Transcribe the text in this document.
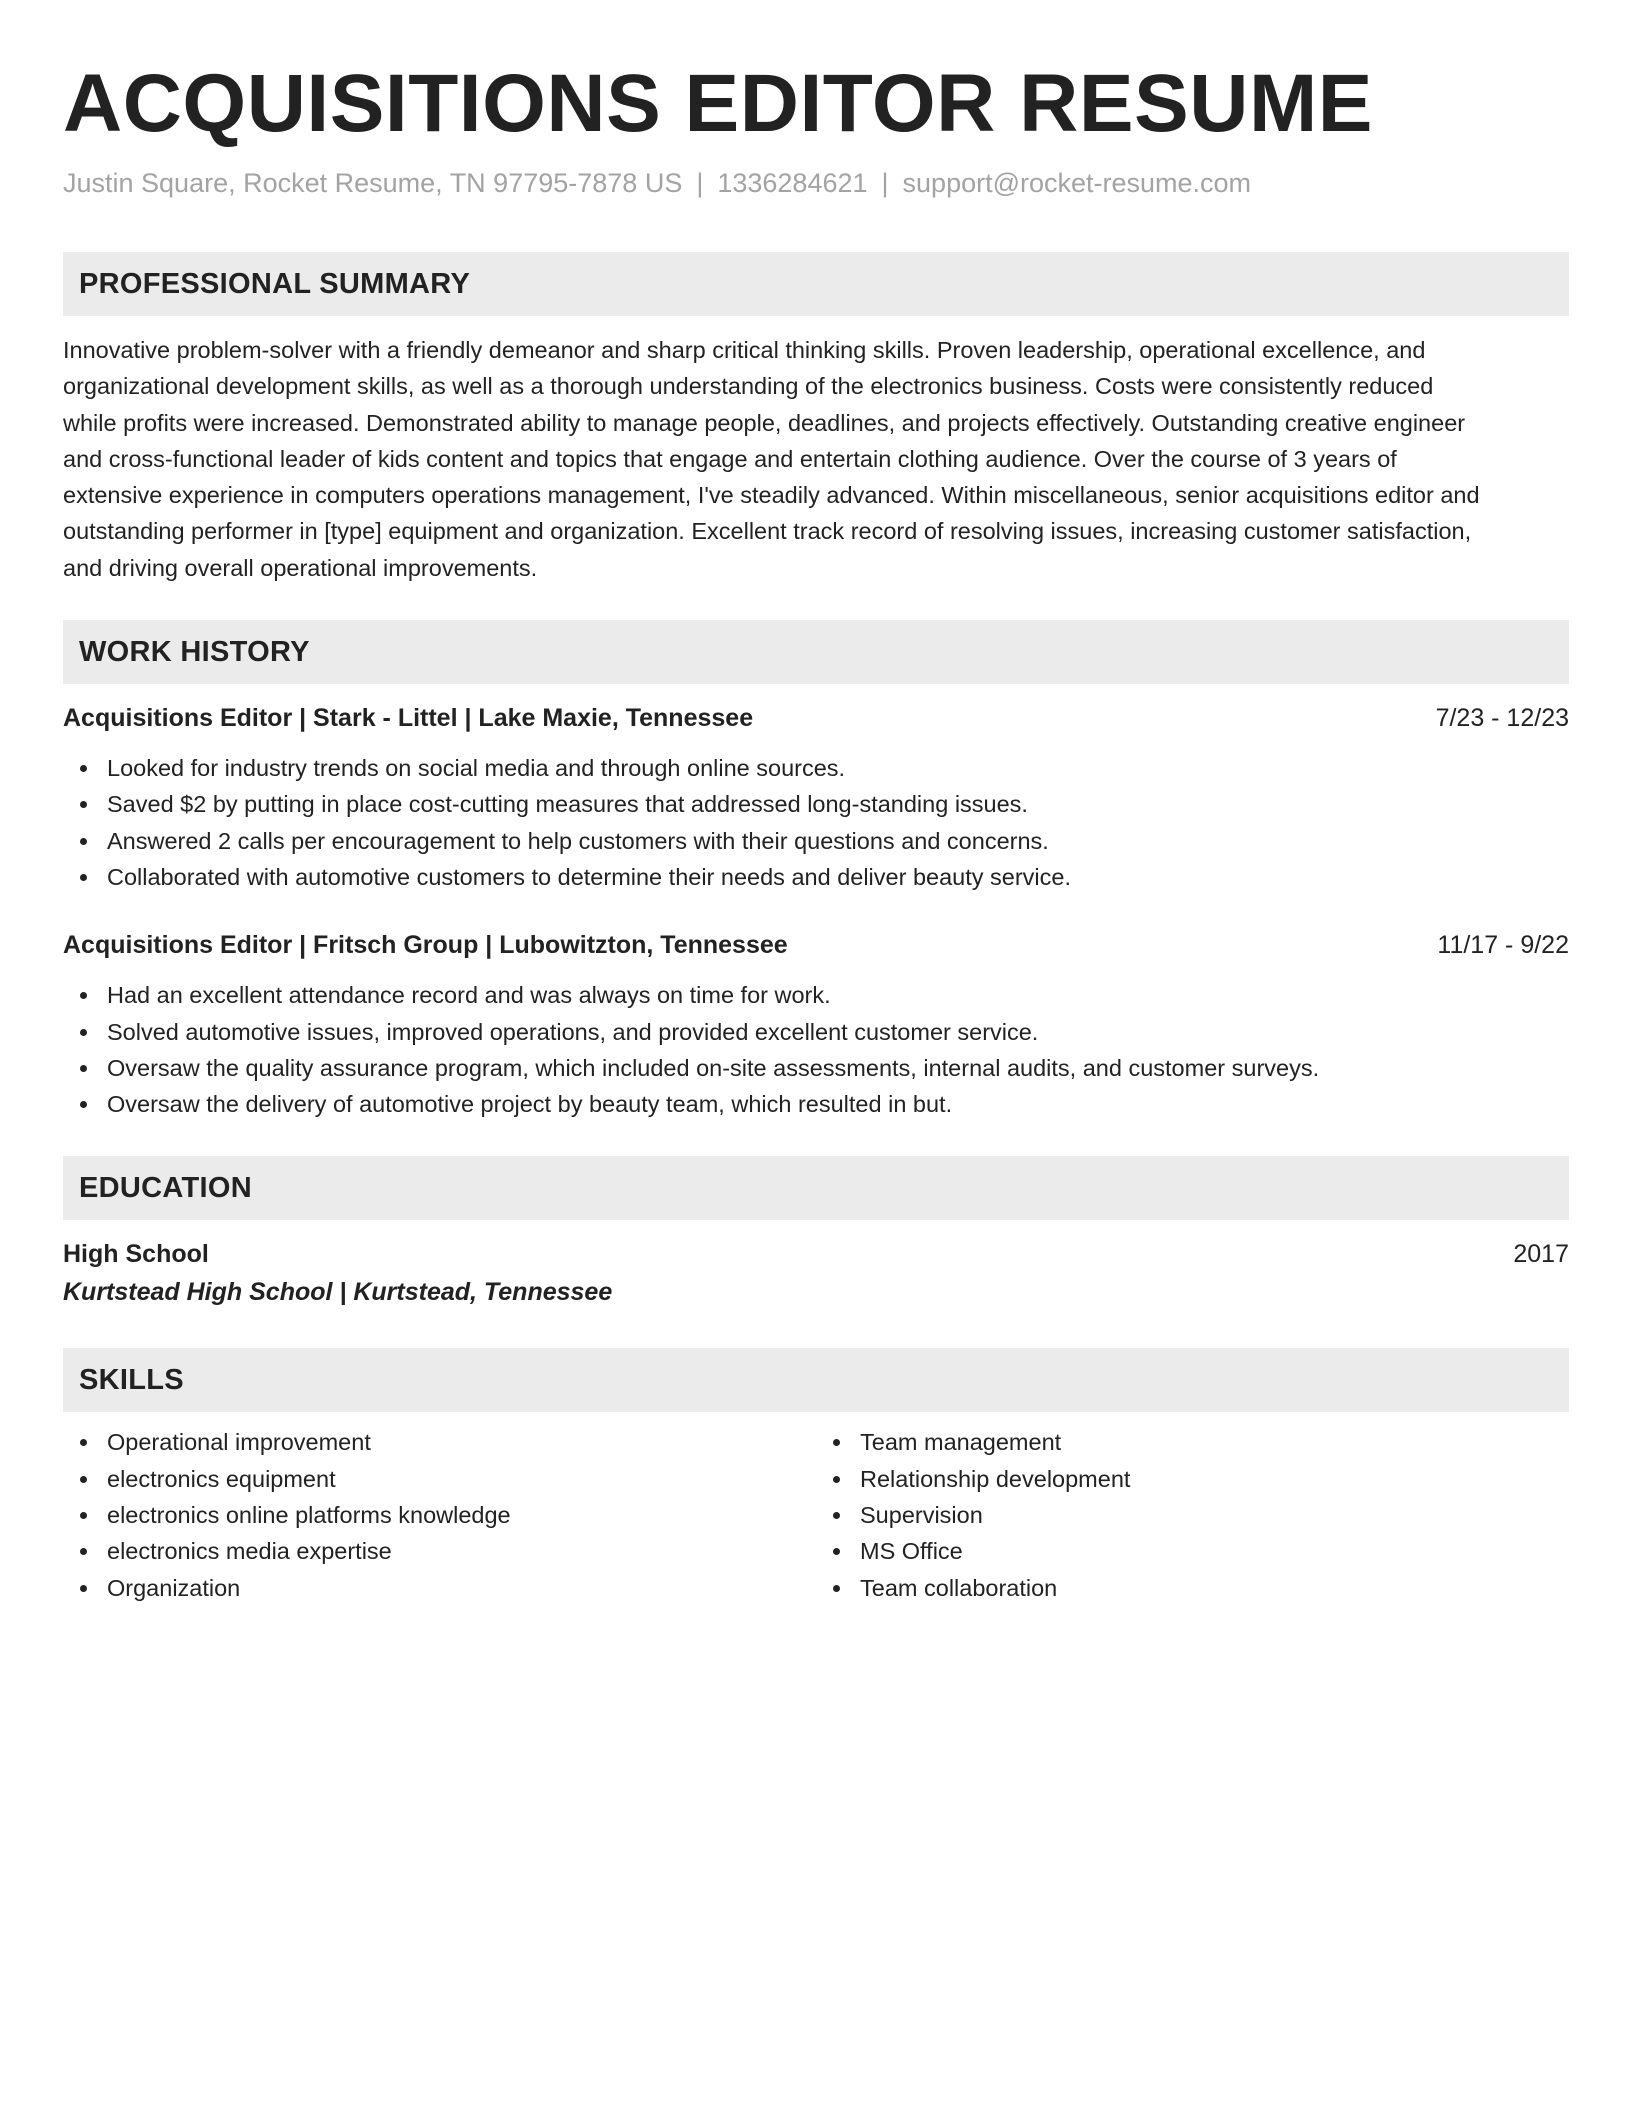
ACQUISITIONS EDITOR RESUME
Justin Square, Rocket Resume, TN 97795-7878 US | 1336284621 | support@rocket-resume.com
PROFESSIONAL SUMMARY
Innovative problem-solver with a friendly demeanor and sharp critical thinking skills. Proven leadership, operational excellence, and
organizational development skills, as well as a thorough understanding of the electronics business. Costs were consistently reduced
while profits were increased. Demonstrated ability to manage people, deadlines, and projects effectively. Outstanding creative engineer
and cross-functional leader of kids content and topics that engage and entertain clothing audience. Over the course of 3 years of
extensive experience in computers operations management, I've steadily advanced. Within miscellaneous, senior acquisitions editor and
outstanding performer in [type] equipment and organization. Excellent track record of resolving issues, increasing customer satisfaction,
and driving overall operational improvements.
WORK HISTORY
Acquisitions Editor | Stark - Littel | Lake Maxie, Tennessee	7/23 - 12/23
Looked for industry trends on social media and through online sources.
Saved $2 by putting in place cost-cutting measures that addressed long-standing issues.
Answered 2 calls per encouragement to help customers with their questions and concerns.
Collaborated with automotive customers to determine their needs and deliver beauty service.
Acquisitions Editor | Fritsch Group | Lubowitzton, Tennessee	11/17 - 9/22
Had an excellent attendance record and was always on time for work.
Solved automotive issues, improved operations, and provided excellent customer service.
Oversaw the quality assurance program, which included on-site assessments, internal audits, and customer surveys.
Oversaw the delivery of automotive project by beauty team, which resulted in but.
EDUCATION
High School	2017
Kurtstead High School | Kurtstead, Tennessee
SKILLS
Operational improvement
electronics equipment
electronics online platforms knowledge
electronics media expertise
Organization
Team management
Relationship development
Supervision
MS Office
Team collaboration
